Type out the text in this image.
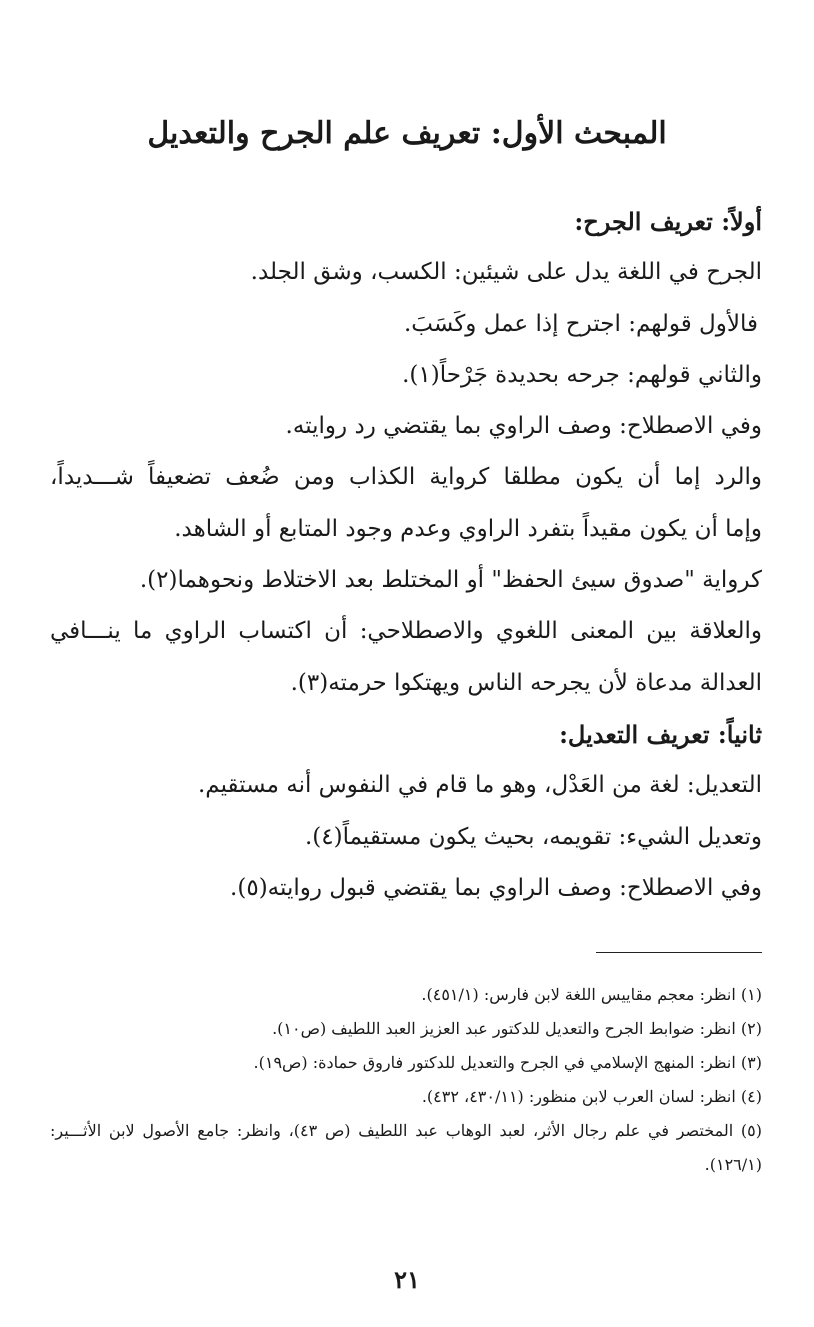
المبحث الأول: تعريف علم الجرح والتعديل
أولاً: تعريف الجرح:
الجرح في اللغة يدل على شيئين: الكسب، وشق الجلد.
فالأول قولهم: اجترح إذا عمل وكَسَبَ.
والثاني قولهم: جرحه بحديدة جَرْحاً(١).
وفي الاصطلاح: وصف الراوي بما يقتضي رد روايته.
والرد إما أن يكون مطلقا كرواية الكذاب ومن ضُعف تضعيفاً شـــديداً،
وإما أن يكون مقيداً بتفرد الراوي وعدم وجود المتابع أو الشاهد.
كرواية "صدوق سيئ الحفظ" أو المختلط بعد الاختلاط ونحوهما(٢).
والعلاقة بين المعنى اللغوي والاصطلاحي: أن اكتساب الراوي ما ينـــافي
العدالة مدعاة لأن يجرحه الناس ويهتكوا حرمته(٣).
ثانياً: تعريف التعديل:
التعديل: لغة من العَدْل، وهو ما قام في النفوس أنه مستقيم.
وتعديل الشيء: تقويمه، بحيث يكون مستقيماً(٤).
وفي الاصطلاح: وصف الراوي بما يقتضي قبول روايته(٥).
(١) انظر: معجم مقاييس اللغة لابن فارس: (٤٥١/١).
(٢) انظر: ضوابط الجرح والتعديل للدكتور عبد العزيز العبد اللطيف (ص١٠).
(٣) انظر: المنهج الإسلامي في الجرح والتعديل للدكتور فاروق حمادة: (ص١٩).
(٤) انظر: لسان العرب لابن منظور: (٤٣٠/١١، ٤٣٢).
(٥) المختصر في علم رجال الأثر، لعبد الوهاب عبد اللطيف (ص ٤٣)، وانظر: جامع الأصول لابن الأثـــير:
(١٢٦/١).
٢١
